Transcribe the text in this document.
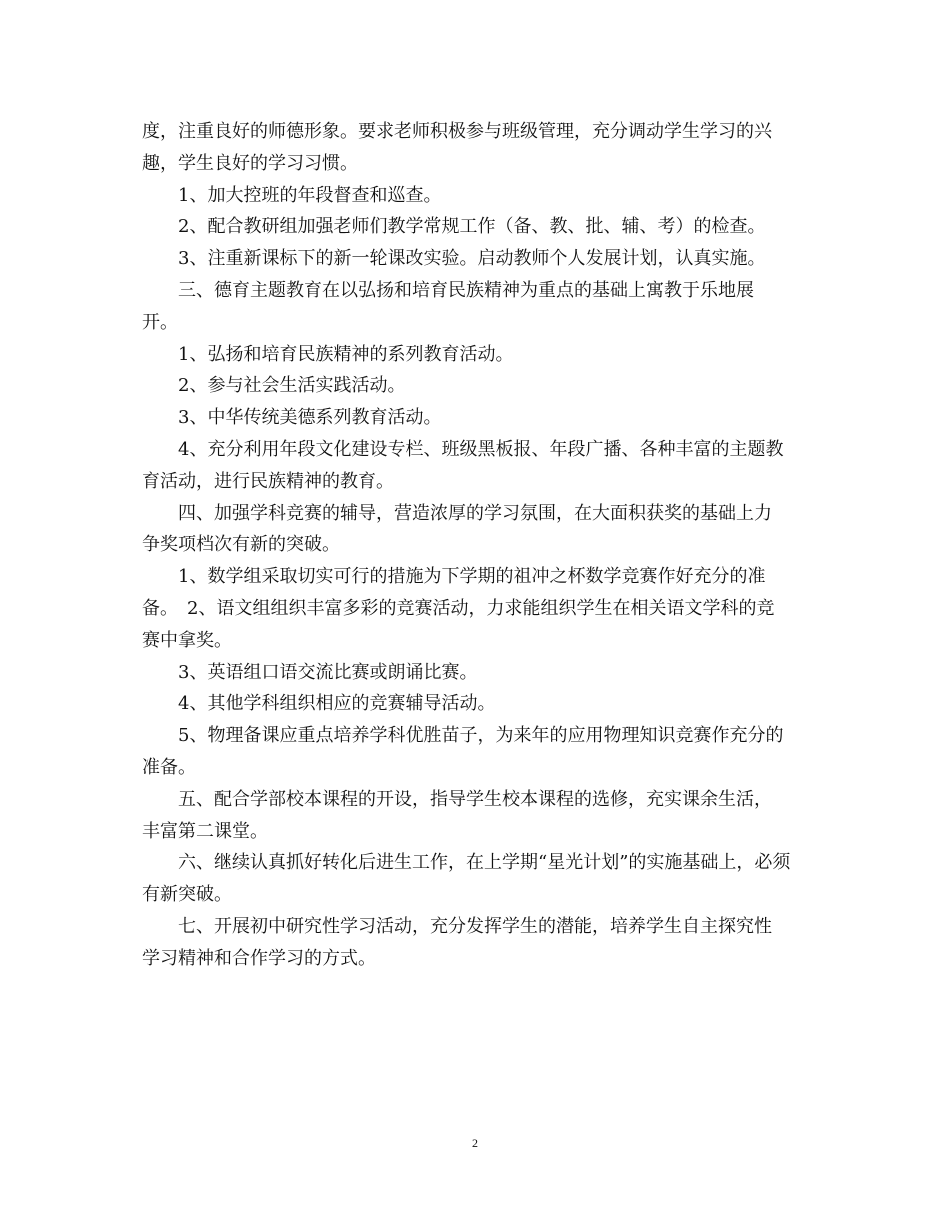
度，注重良好的师德形象。要求老师积极参与班级管理，充分调动学生学习的兴
趣，学生良好的学习习惯。
1、加大控班的年段督查和巡查。
2、配合教研组加强老师们教学常规工作（备、教、批、辅、考）的检查。
3、注重新课标下的新一轮课改实验。启动教师个人发展计划，认真实施。
三、德育主题教育在以弘扬和培育民族精神为重点的基础上寓教于乐地展
开。
1、弘扬和培育民族精神的系列教育活动。
2、参与社会生活实践活动。
3、中华传统美德系列教育活动。
4、充分利用年段文化建设专栏、班级黑板报、年段广播、各种丰富的主题教
育活动，进行民族精神的教育。
四、加强学科竞赛的辅导，营造浓厚的学习氛围，在大面积获奖的基础上力
争奖项档次有新的突破。
1、数学组采取切实可行的措施为下学期的祖冲之杯数学竞赛作好充分的准
备。　2、语文组组织丰富多彩的竞赛活动，力求能组织学生在相关语文学科的竞
赛中拿奖。
3、英语组口语交流比赛或朗诵比赛。
4、其他学科组织相应的竞赛辅导活动。
5、物理备课应重点培养学科优胜苗子，为来年的应用物理知识竞赛作充分的
准备。
五、配合学部校本课程的开设，指导学生校本课程的选修，充实课余生活，
丰富第二课堂。
六、继续认真抓好转化后进生工作，在上学期“星光计划”的实施基础上，必须
有新突破。
七、开展初中研究性学习活动，充分发挥学生的潜能，培养学生自主探究性
学习精神和合作学习的方式。
2
